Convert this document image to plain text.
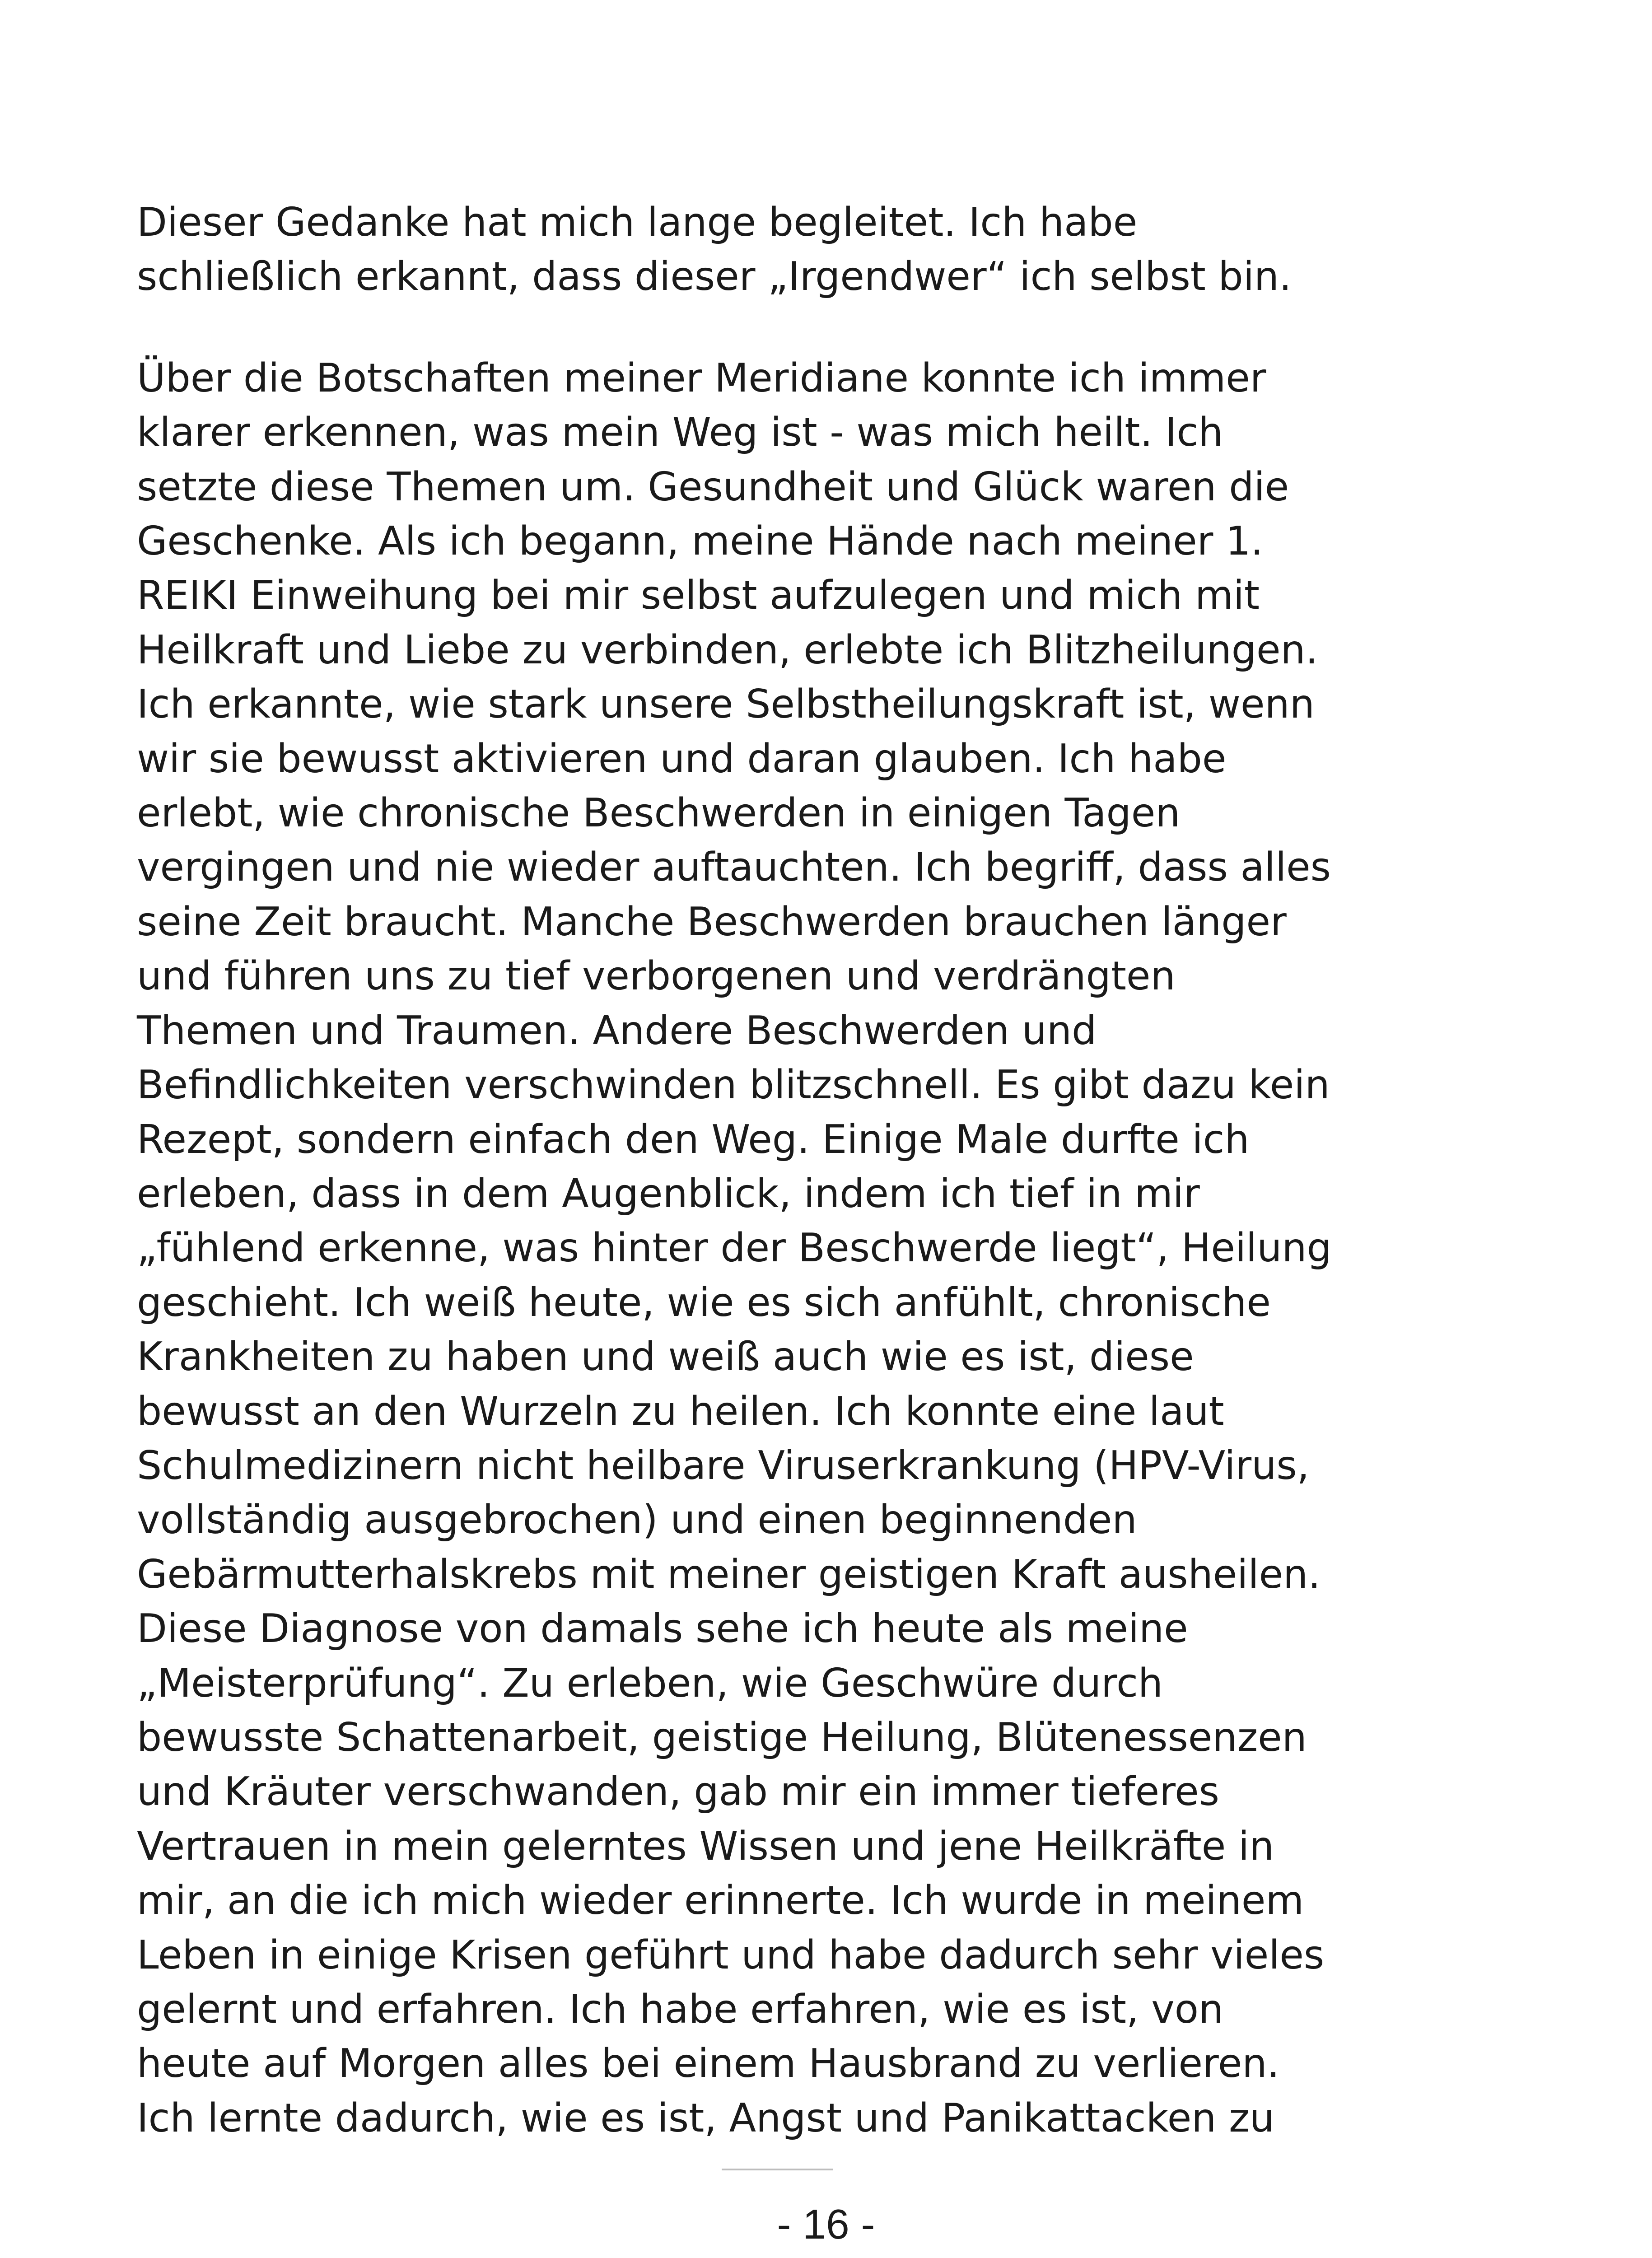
Dieser Gedanke hat mich lange begleitet. Ich habe
schließlich erkannt, dass dieser „Irgendwer“ ich selbst bin.
Über die Botschaften meiner Meridiane konnte ich immer
klarer erkennen, was mein Weg ist - was mich heilt. Ich
setzte diese Themen um. Gesundheit und Glück waren die
Geschenke. Als ich begann, meine Hände nach meiner 1.
REIKI Einweihung bei mir selbst aufzulegen und mich mit
Heilkraft und Liebe zu verbinden, erlebte ich Blitzheilungen.
Ich erkannte, wie stark unsere Selbstheilungskraft ist, wenn
wir sie bewusst aktivieren und daran glauben. Ich habe
erlebt, wie chronische Beschwerden in einigen Tagen
vergingen und nie wieder auftauchten. Ich begriff, dass alles
seine Zeit braucht. Manche Beschwerden brauchen länger
und führen uns zu tief verborgenen und verdrängten
Themen und Traumen. Andere Beschwerden und
Befindlichkeiten verschwinden blitzschnell. Es gibt dazu kein
Rezept, sondern einfach den Weg. Einige Male durfte ich
erleben, dass in dem Augenblick, indem ich tief in mir
„fühlend erkenne, was hinter der Beschwerde liegt“, Heilung
geschieht. Ich weiß heute, wie es sich anfühlt, chronische
Krankheiten zu haben und weiß auch wie es ist, diese
bewusst an den Wurzeln zu heilen. Ich konnte eine laut
Schulmedizinern nicht heilbare Viruserkrankung (HPV-Virus,
vollständig ausgebrochen) und einen beginnenden
Gebärmutterhalskrebs mit meiner geistigen Kraft ausheilen.
Diese Diagnose von damals sehe ich heute als meine
„Meisterprüfung“. Zu erleben, wie Geschwüre durch
bewusste Schattenarbeit, geistige Heilung, Blütenessenzen
und Kräuter verschwanden, gab mir ein immer tieferes
Vertrauen in mein gelerntes Wissen und jene Heilkräfte in
mir, an die ich mich wieder erinnerte. Ich wurde in meinem
Leben in einige Krisen geführt und habe dadurch sehr vieles
gelernt und erfahren. Ich habe erfahren, wie es ist, von
heute auf Morgen alles bei einem Hausbrand zu verlieren.
Ich lernte dadurch, wie es ist, Angst und Panikattacken zu
- 16 -
